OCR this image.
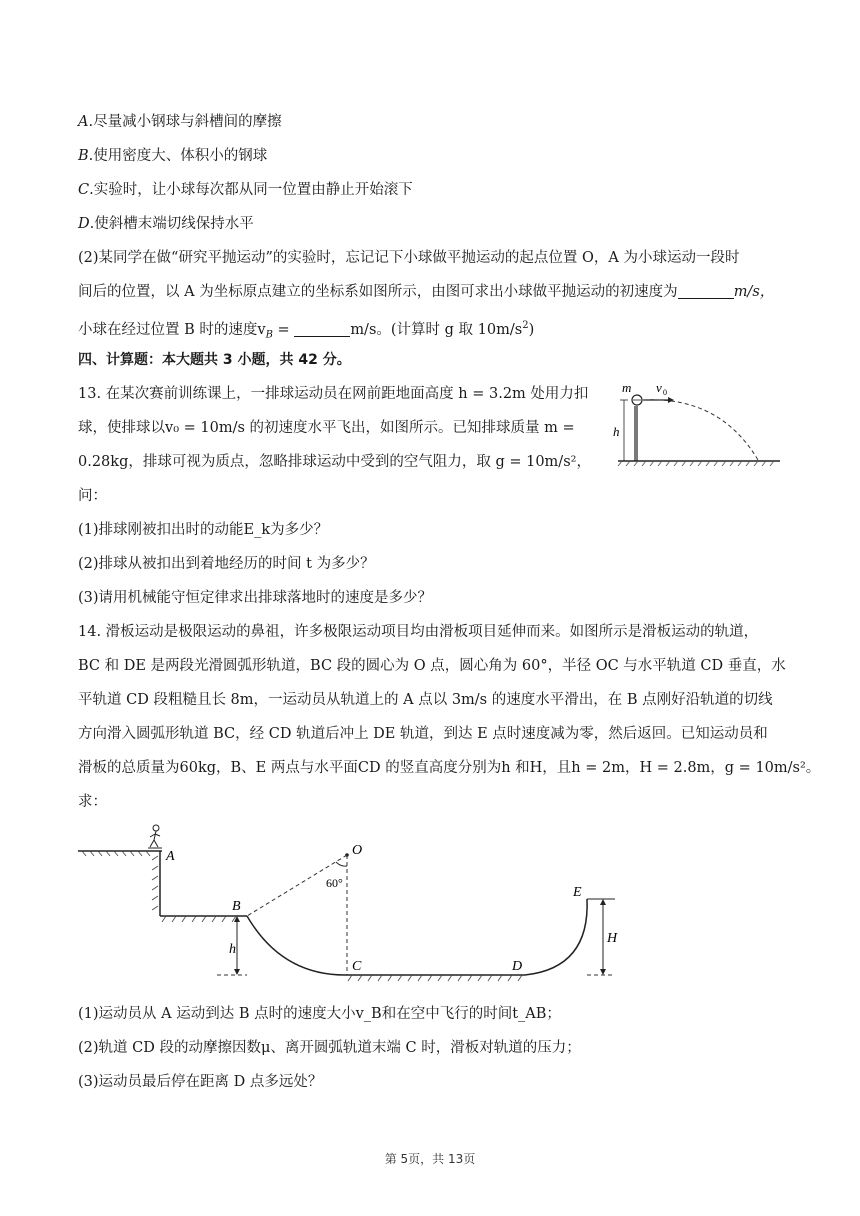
A.尽量减小钢球与斜槽间的摩擦
B.使用密度大、体积小的钢球
C.实验时，让小球每次都从同一位置由静止开始滚下
D.使斜槽末端切线保持水平
(2)某同学在做“研究平抛运动”的实验时，忘记记下小球做平抛运动的起点位置 O，A 为小球运动一段时
间后的位置，以 A 为坐标原点建立的坐标系如图所示，由图可求出小球做平抛运动的初速度为	m/s，
小球在经过位置 B 时的速度$v_B$ =	m/s。(计算时 g 取 $10m/s^2$)
四、计算题：本大题共 3 小题，共 42 分。
13. 在某次赛前训练课上，一排球运动员在网前距地面高度 h = 3.2m 处用力扣
球，使排球以v₀ = 10m/s 的初速度水平飞出，如图所示。已知排球质量 m =
0.28kg，排球可视为质点，忽略排球运动中受到的空气阻力，取 g = 10m/s²，
问：
(1)排球刚被扣出时的动能E_k为多少？
(2)排球从被扣出到着地经历的时间 t 为多少？
(3)请用机械能守恒定律求出排球落地时的速度是多少？
h
m v 0
14. 滑板运动是极限运动的鼻祖，许多极限运动项目均由滑板项目延伸而来。如图所示是滑板运动的轨道，
BC 和 DE 是两段光滑圆弧形轨道，BC 段的圆心为 O 点，圆心角为 60°，半径 OC 与水平轨道 CD 垂直，水
平轨道 CD 段粗糙且长 8m，一运动员从轨道上的 A 点以 3m/s 的速度水平滑出，在 B 点刚好沿轨道的切线
方向滑入圆弧形轨道 BC，经 CD 轨道后冲上 DE 轨道，到达 E 点时速度减为零，然后返回。已知运动员和
滑板的总质量为60kg，B、E 两点与水平面CD 的竖直高度分别为h 和H，且h = 2m，H = 2.8m，g = 10m/s²。
求：
A	O
60°
B
h
C	D
E
H
(1)运动员从 A 运动到达 B 点时的速度大小v_B和在空中飞行的时间t_AB；
(2)轨道 CD 段的动摩擦因数μ、离开圆弧轨道末端 C 时，滑板对轨道的压力；
(3)运动员最后停在距离 D 点多远处？
第 5页，共 13页
